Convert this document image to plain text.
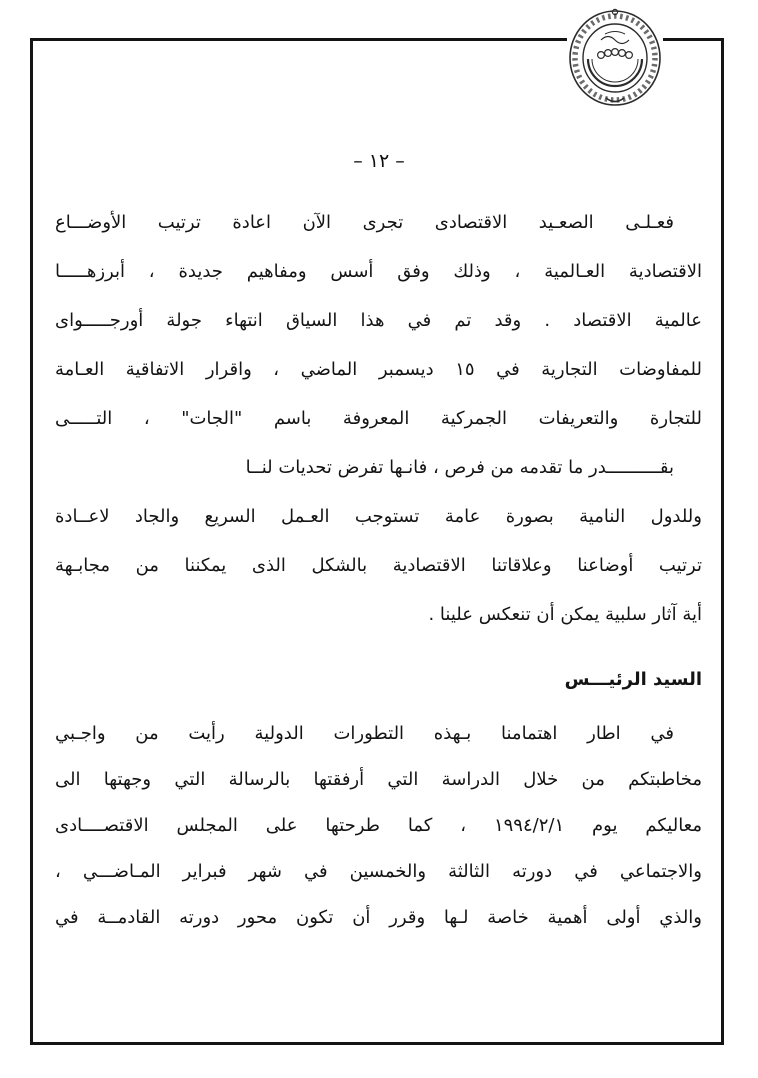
– ١٢ –

فعـلـى الصعـيد الاقتصادى تجرى الآن اعادة ترتيب الأوضـــاع

الاقتصادية العـالمية ، وذلك وفق أسس ومفاهيم جديدة ، أبرزهـــــا

عالمية الاقتصاد . وقد تم في هذا السياق انتهاء جولة أورجـــــواى

للمفاوضات التجارية في ١٥ ديسمبر الماضي ، واقرار الاتفاقية العـامة

للتجارة والتعريفات الجمركية المعروفة باسم "الجات" ، التـــــى

بقــــــــــدر ما تقدمه من فرص ، فانـها تفرض تحديات لنــا

وللدول النامية بصورة عامة تستوجب العـمل السريع والجاد لاعــادة

ترتيب أوضاعنا وعلاقاتنا الاقتصادية بالشكل الذى يمكننا من مجابـهة

أية آثار سلبية يمكن أن تنعكس علينا .

السيد الرئيـــس

في اطار اهتمامنا بـهذه التطورات الدولية رأيت من واجـبي

مخاطبتكم من خلال الدراسة التي أرفقتها بالرسالة التي وجهتها الى

معاليكم يوم ١٩٩٤/٢/١ ، كما طرحتها على المجلس الاقتصــــادى

والاجتماعي في دورته الثالثة والخمسين في شهر فبراير المـاضـــي ،

والذي أولى أهمية خاصة لـها وقرر أن تكون محور دورته القادمــة في
